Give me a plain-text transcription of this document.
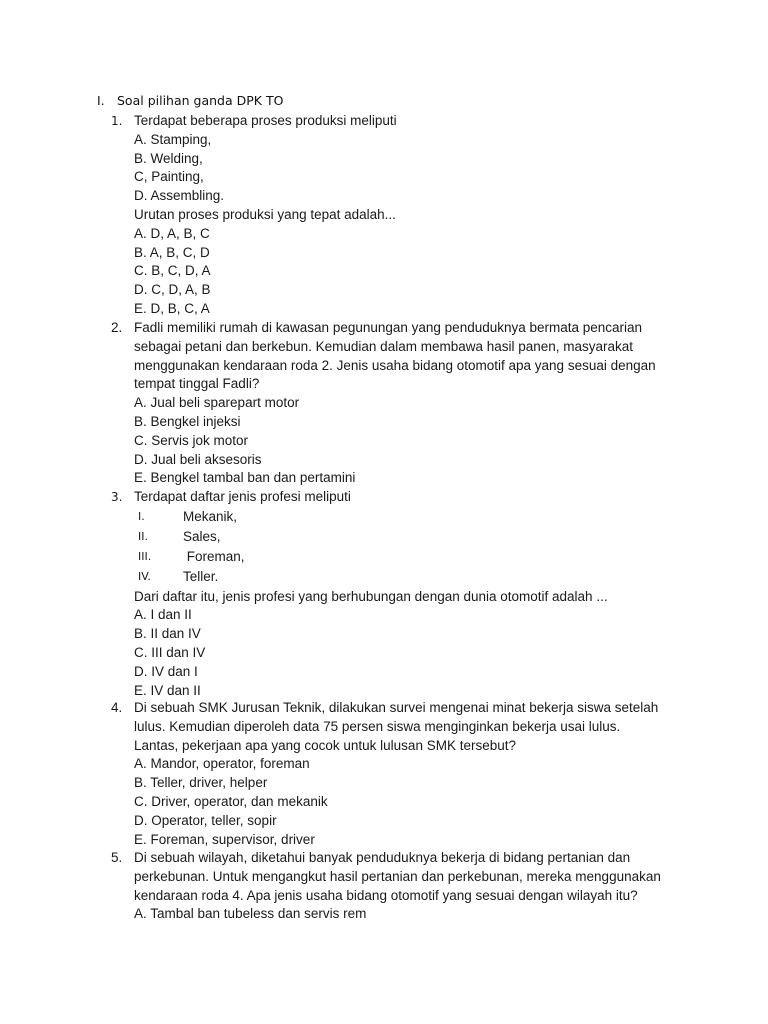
I. Soal pilihan ganda DPK TO
1. Terdapat beberapa proses produksi meliputi
A. Stamping,
B. Welding,
C, Painting,
D. Assembling.
Urutan proses produksi yang tepat adalah...
A. D, A, B, C
B. A, B, C, D
C. B, C, D, A
D. C, D, A, B
E. D, B, C, A
2. Fadli memiliki rumah di kawasan pegunungan yang penduduknya bermata pencarian
sebagai petani dan berkebun. Kemudian dalam membawa hasil panen, masyarakat
menggunakan kendaraan roda 2. Jenis usaha bidang otomotif apa yang sesuai dengan
tempat tinggal Fadli?
A. Jual beli sparepart motor
B. Bengkel injeksi
C. Servis jok motor
D. Jual beli aksesoris
E. Bengkel tambal ban dan pertamini
3. Terdapat daftar jenis profesi meliputi
I.	Mekanik,
II.	Sales,
III. Foreman,
IV. Teller.
Dari daftar itu, jenis profesi yang berhubungan dengan dunia otomotif adalah ...
A. I dan II
B. II dan IV
C. III dan IV
D. IV dan I
E. IV dan II
4. Di sebuah SMK Jurusan Teknik, dilakukan survei mengenai minat bekerja siswa setelah
lulus. Kemudian diperoleh data 75 persen siswa menginginkan bekerja usai lulus.
Lantas, pekerjaan apa yang cocok untuk lulusan SMK tersebut?
A. Mandor, operator, foreman
B. Teller, driver, helper
C. Driver, operator, dan mekanik
D. Operator, teller, sopir
E. Foreman, supervisor, driver
5. Di sebuah wilayah, diketahui banyak penduduknya bekerja di bidang pertanian dan
perkebunan. Untuk mengangkut hasil pertanian dan perkebunan, mereka menggunakan
kendaraan roda 4. Apa jenis usaha bidang otomotif yang sesuai dengan wilayah itu?
A. Tambal ban tubeless dan servis rem
